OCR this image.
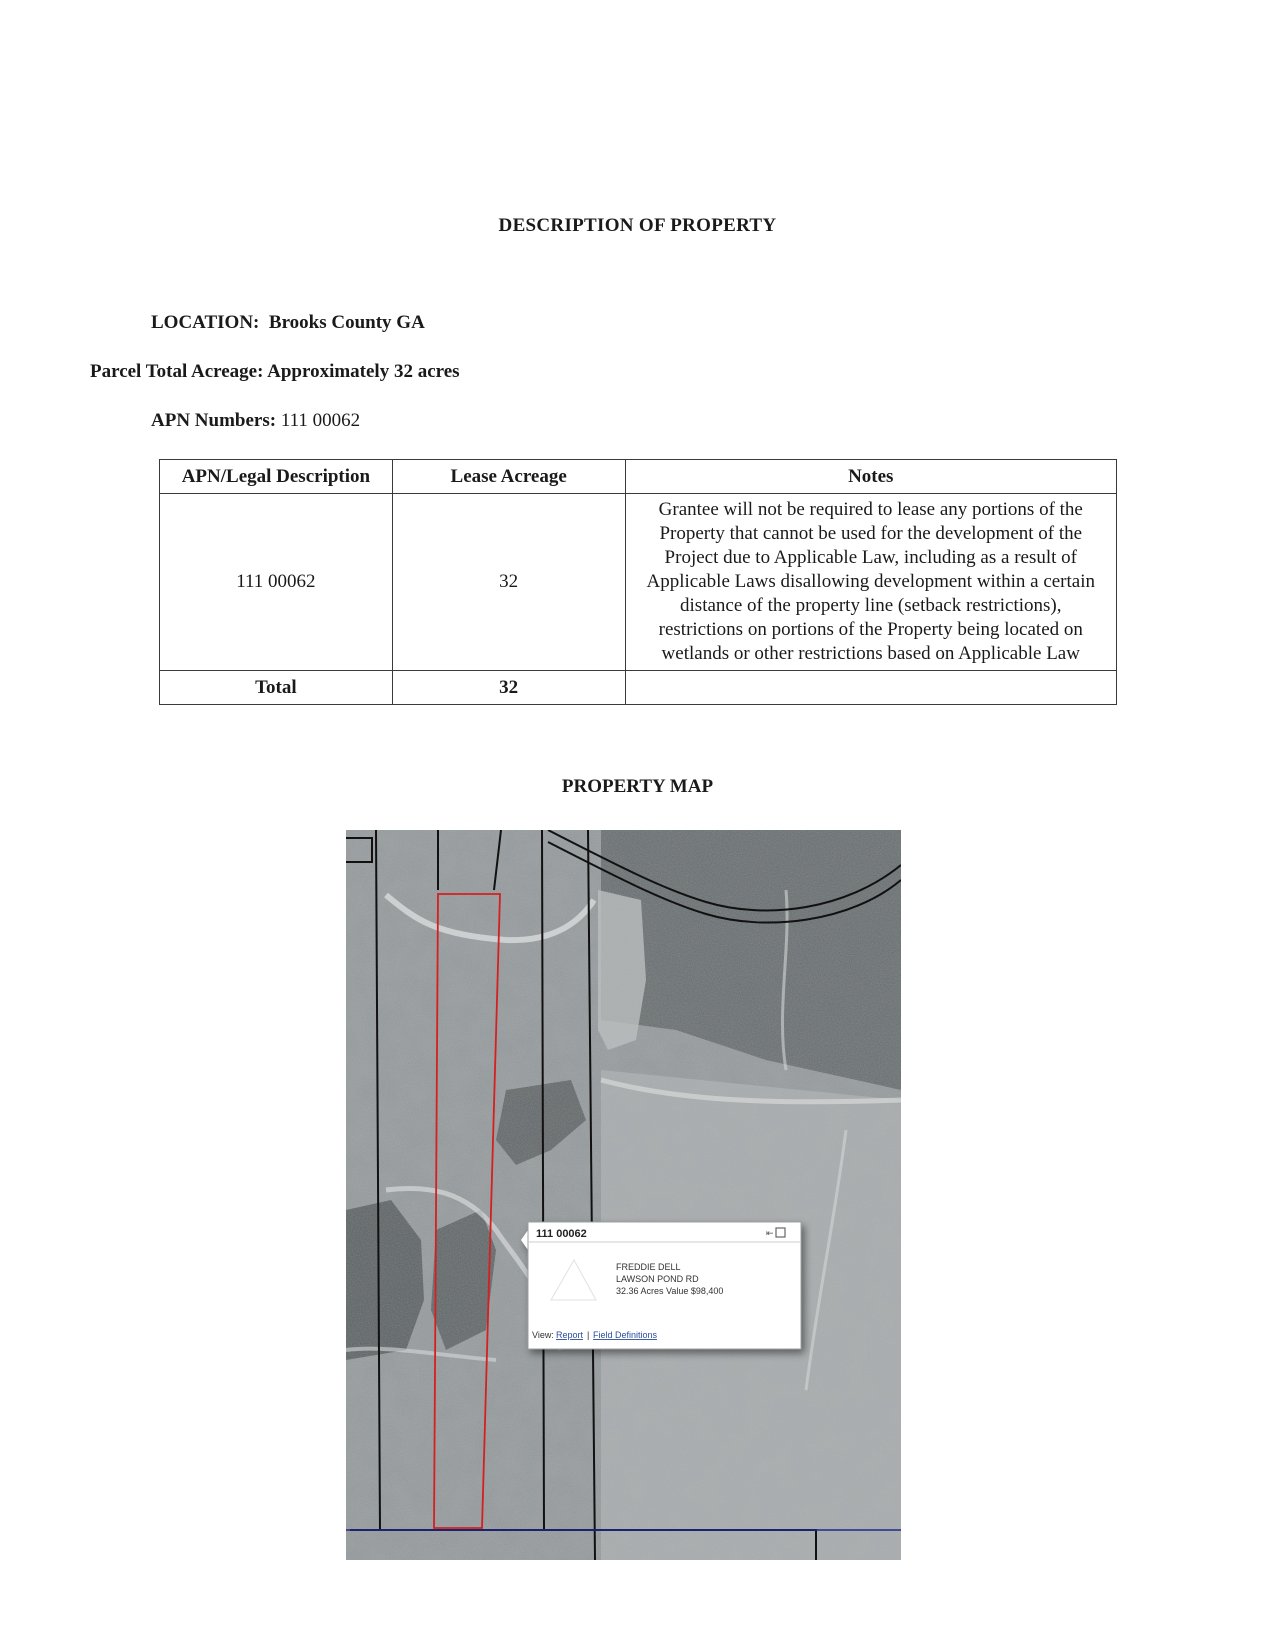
DESCRIPTION OF PROPERTY
LOCATION: Brooks County GA
Parcel Total Acreage: Approximately 32 acres
APN Numbers: 111 00062
APN/Legal Description	Lease Acreage	Notes
111 00062	32	Grantee will not be required to lease any portions of the Property that cannot be used for the development of the Project due to Applicable Law, including as a result of Applicable Laws disallowing development within a certain distance of the property line (setback restrictions), restrictions on portions of the Property being located on wetlands or other restrictions based on Applicable Law
Total	32	
PROPERTY MAP
⇤
111 00062
FREDDIE DELL
LAWSON POND RD
32.36 Acres Value $98,400
View: Report | Field Definitions
